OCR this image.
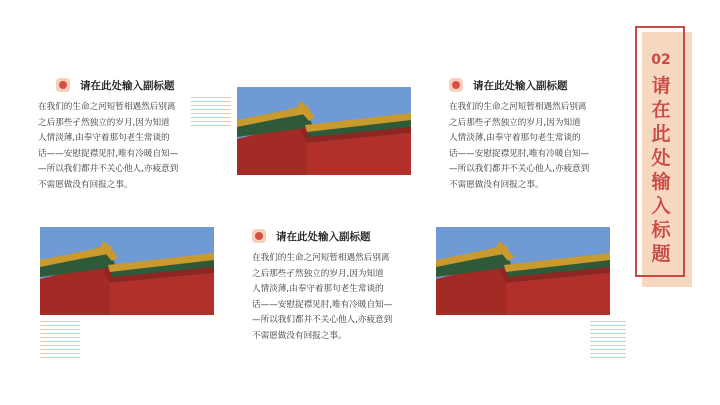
02
请
在
此
处
输
入
标
题
请在此处输入副标题

在我们的生命之河短暂相遇然后别离
之后那些孑然独立的岁月,因为知道
人情淡薄,由奉守着那句老生常谈的
话——安慰捉襟见肘,唯有冷暖自知—
—所以我们都并不关心他人,亦疲意到
不需愿做没有回报之事。

请在此处输入副标题

在我们的生命之河短暂相遇然后别离
之后那些孑然独立的岁月,因为知道
人情淡薄,由奉守着那句老生常谈的
话——安慰捉襟见肘,唯有冷暖自知—
—所以我们都并不关心他人,亦疲意到
不需愿做没有回报之事。

请在此处输入副标题

在我们的生命之河短暂相遇然后别离
之后那些孑然独立的岁月,因为知道
人情淡薄,由奉守着那句老生常谈的
话——安慰捉襟见肘,唯有冷暖自知—
—所以我们都并不关心他人,亦疲意到
不需愿做没有回报之事。
